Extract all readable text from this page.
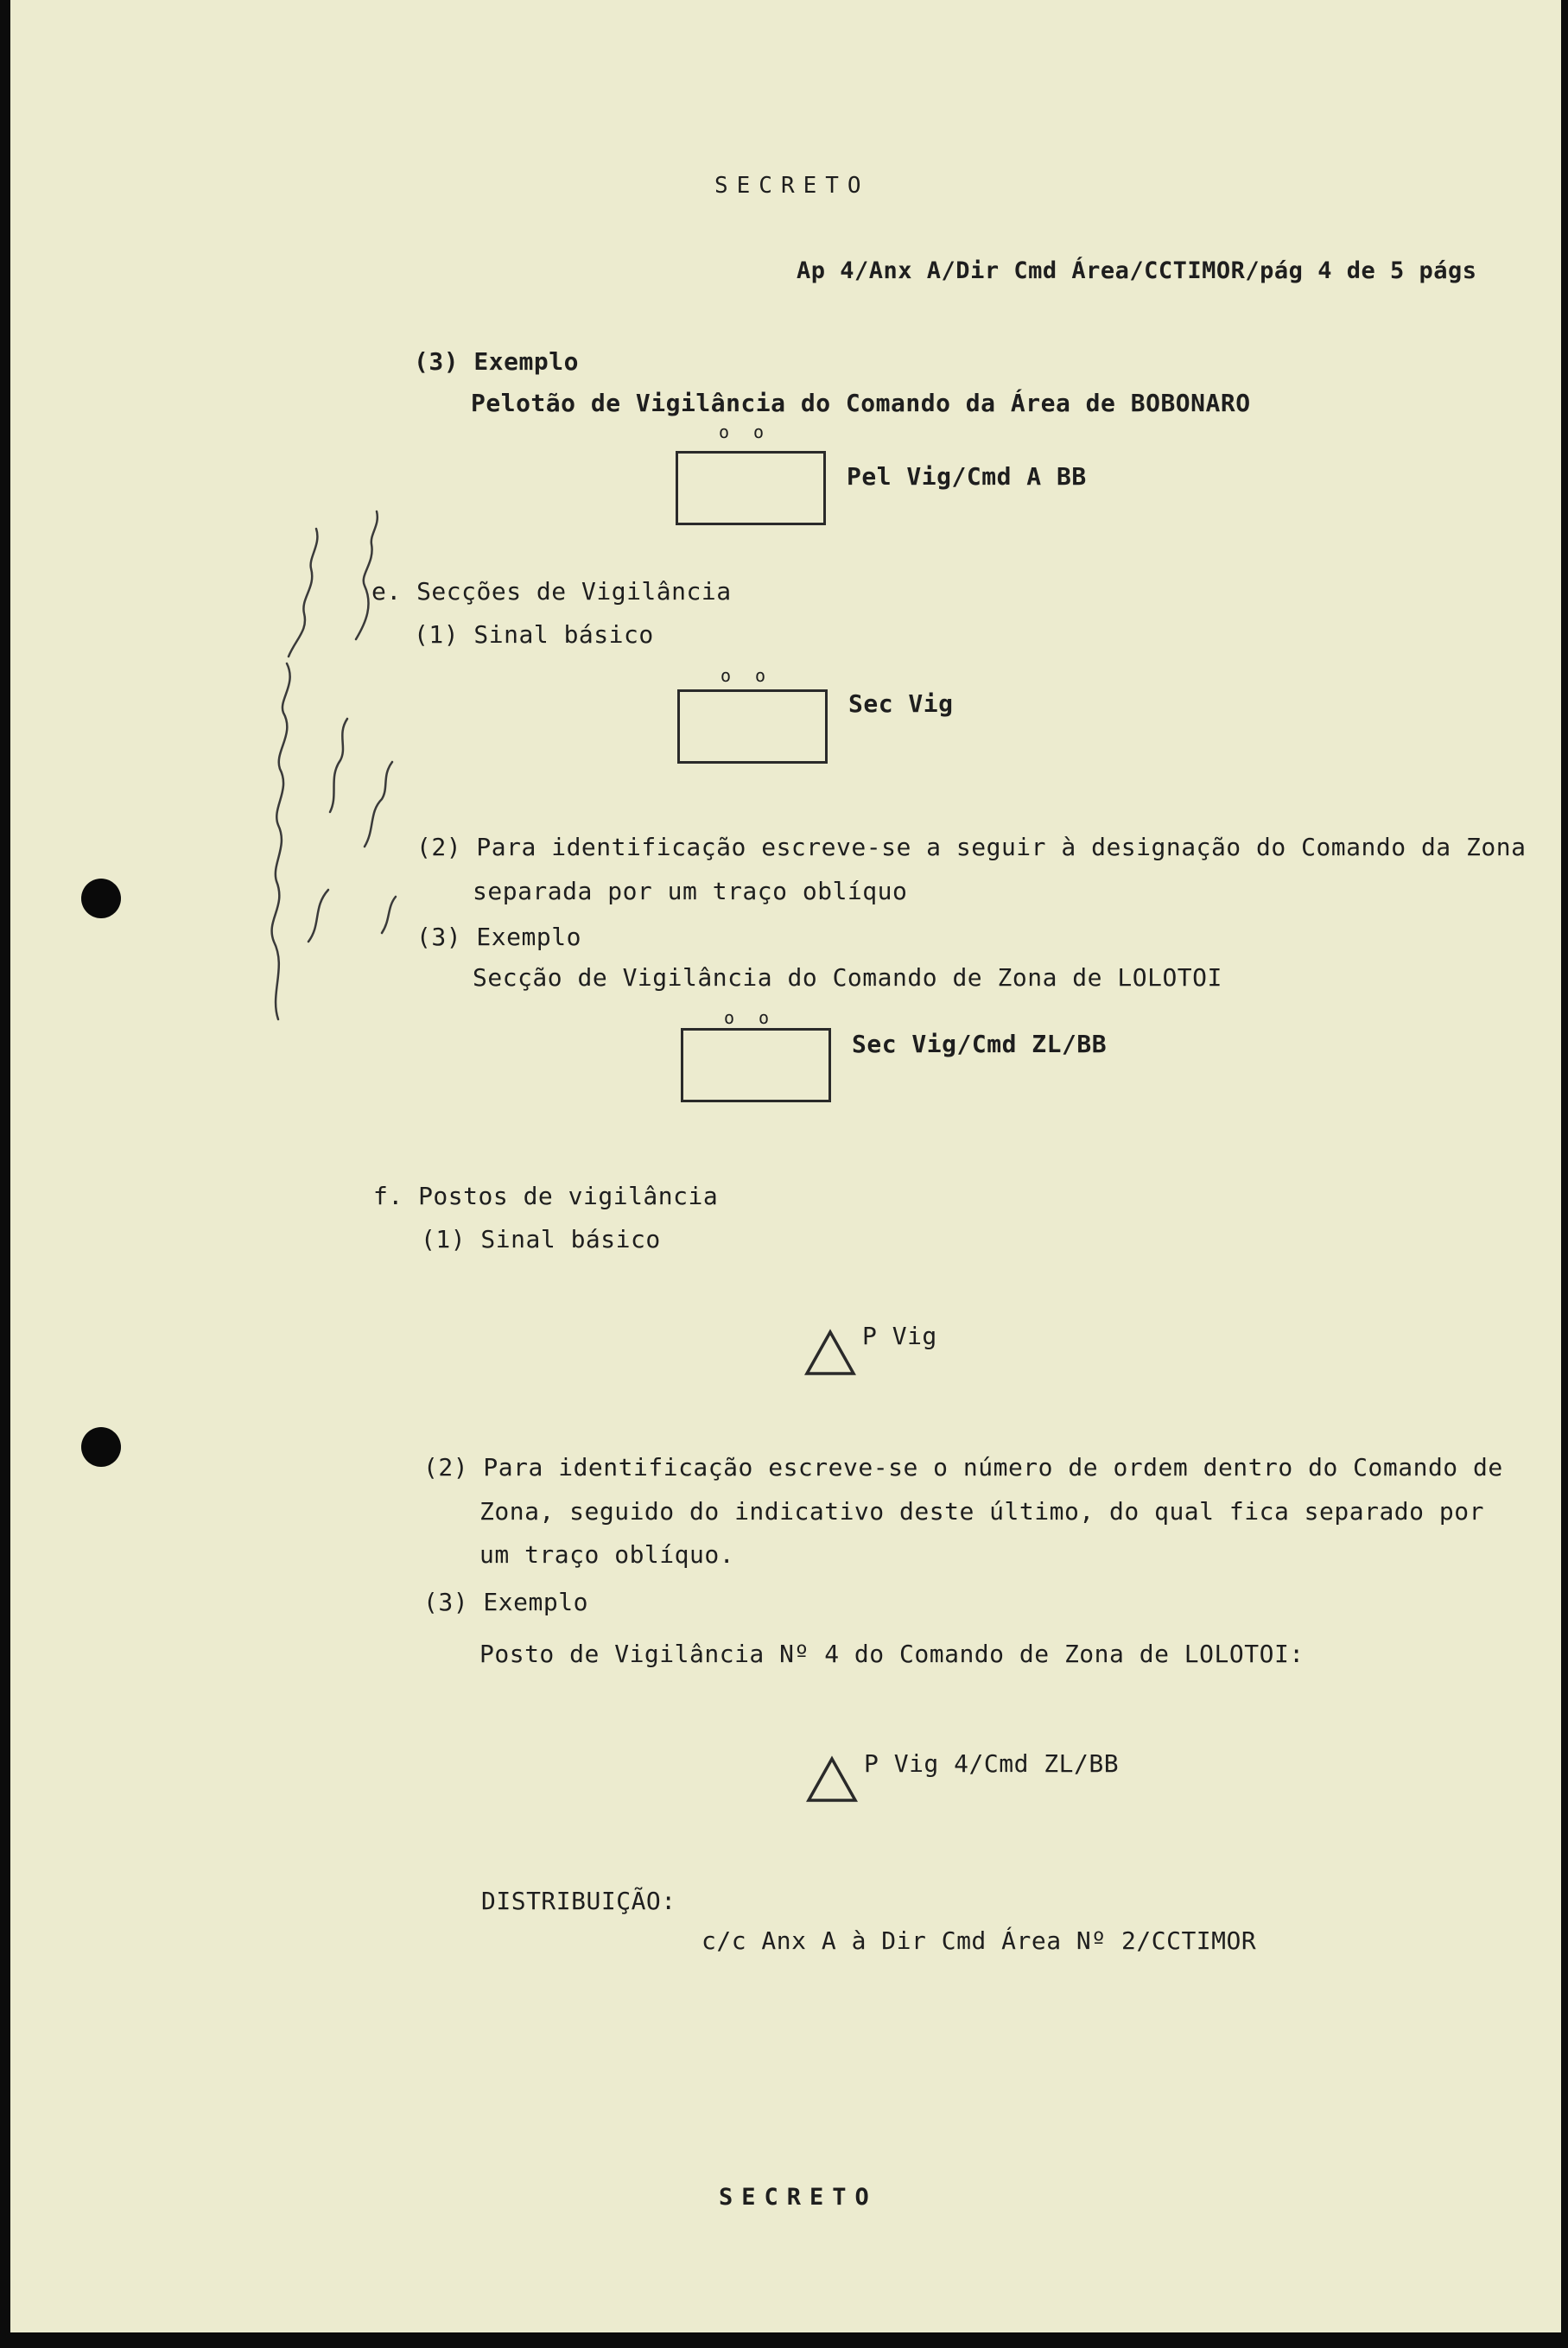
SECRETO
Ap 4/Anx A/Dir Cmd Área/CCTIMOR/pág 4 de 5 págs
(3) Exemplo
Pelotão de Vigilância do Comando da Área de BOBONARO
oo
Pel Vig/Cmd A BB
e. Secções de Vigilância
(1) Sinal básico
oo
Sec Vig
(2) Para identificação escreve-se a seguir à designação do Comando da Zona
separada por um traço oblíquo
(3) Exemplo
Secção de Vigilância do Comando de Zona de LOLOTOI
oo
Sec Vig/Cmd ZL/BB
f. Postos de vigilância
(1) Sinal básico
P Vig
(2) Para identificação escreve-se o número de ordem dentro do Comando de
Zona, seguido do indicativo deste último, do qual fica separado por
um traço oblíquo.
(3) Exemplo
Posto de Vigilância Nº 4 do Comando de Zona de LOLOTOI:
P Vig 4/Cmd ZL/BB
DISTRIBUIÇÃO:
c/c Anx A à Dir Cmd Área Nº 2/CCTIMOR
SECRETO
